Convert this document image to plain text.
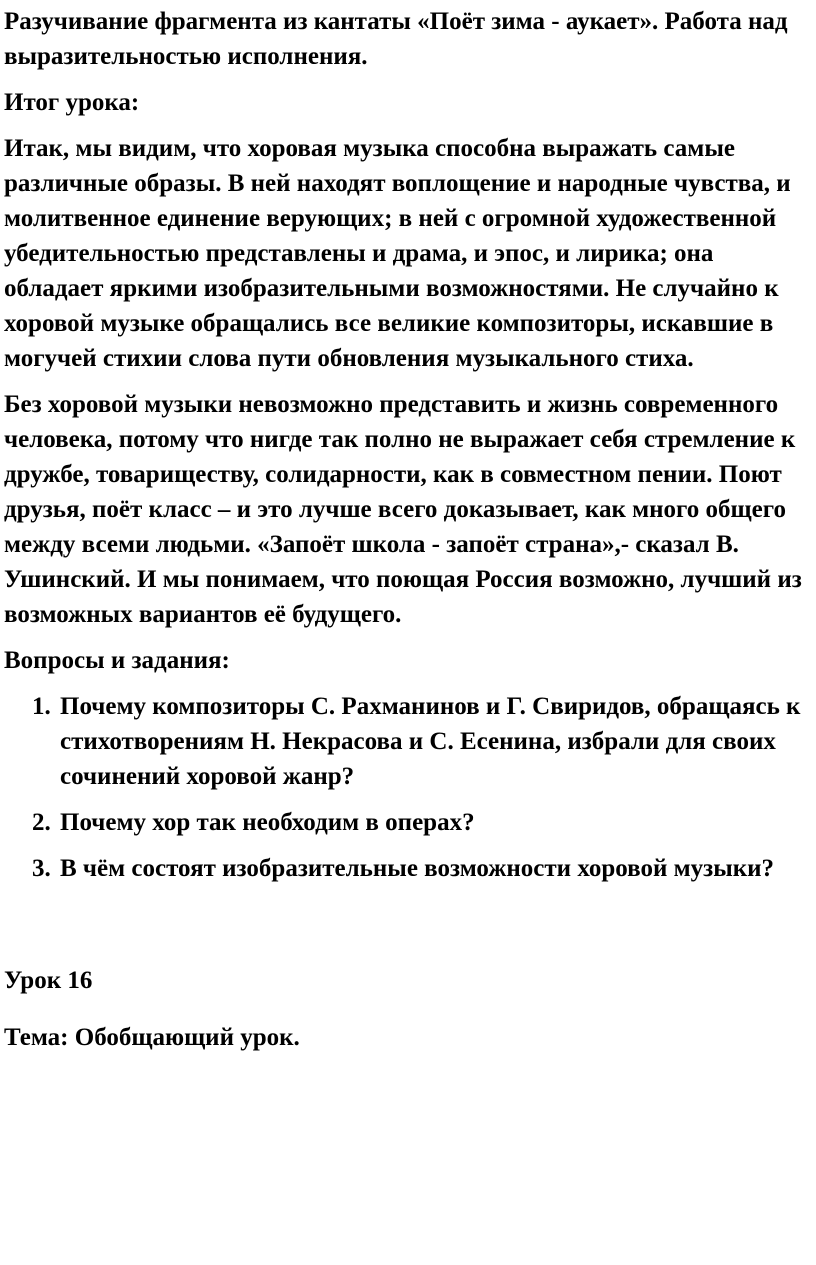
Разучивание фрагмента из кантаты «Поёт зима - аукает». Работа над выразительностью исполнения.

Итог урока:

Итак, мы видим, что хоровая музыка способна выражать самые различные образы. В ней находят воплощение и народные чувства, и молитвенное единение верующих; в ней с огромной художественной убедительностью представлены и драма, и эпос, и лирика; она обладает яркими изобразительными возможностями. Не случайно к хоровой музыке обращались все великие композиторы, искавшие в могучей стихии слова пути обновления музыкального стиха.

Без хоровой музыки невозможно представить и жизнь современного человека, потому что нигде так полно не выражает себя стремление к дружбе, товариществу, солидарности, как в совместном пении. Поют друзья, поёт класс – и это лучше всего доказывает, как много общего между всеми людьми. «Запоёт школа - запоёт страна»,- сказал В. Ушинский. И мы понимаем, что поющая Россия возможно, лучший из возможных вариантов её будущего.

Вопросы и задания:

1. Почему композиторы С. Рахманинов и Г. Свиридов, обращаясь к стихотворениям Н. Некрасова и С. Есенина, избрали для своих сочинений хоровой жанр?
2. Почему хор так необходим в операх?
3. В чём состоят изобразительные возможности хоровой музыки?

Урок 16

Тема: Обобщающий урок.
